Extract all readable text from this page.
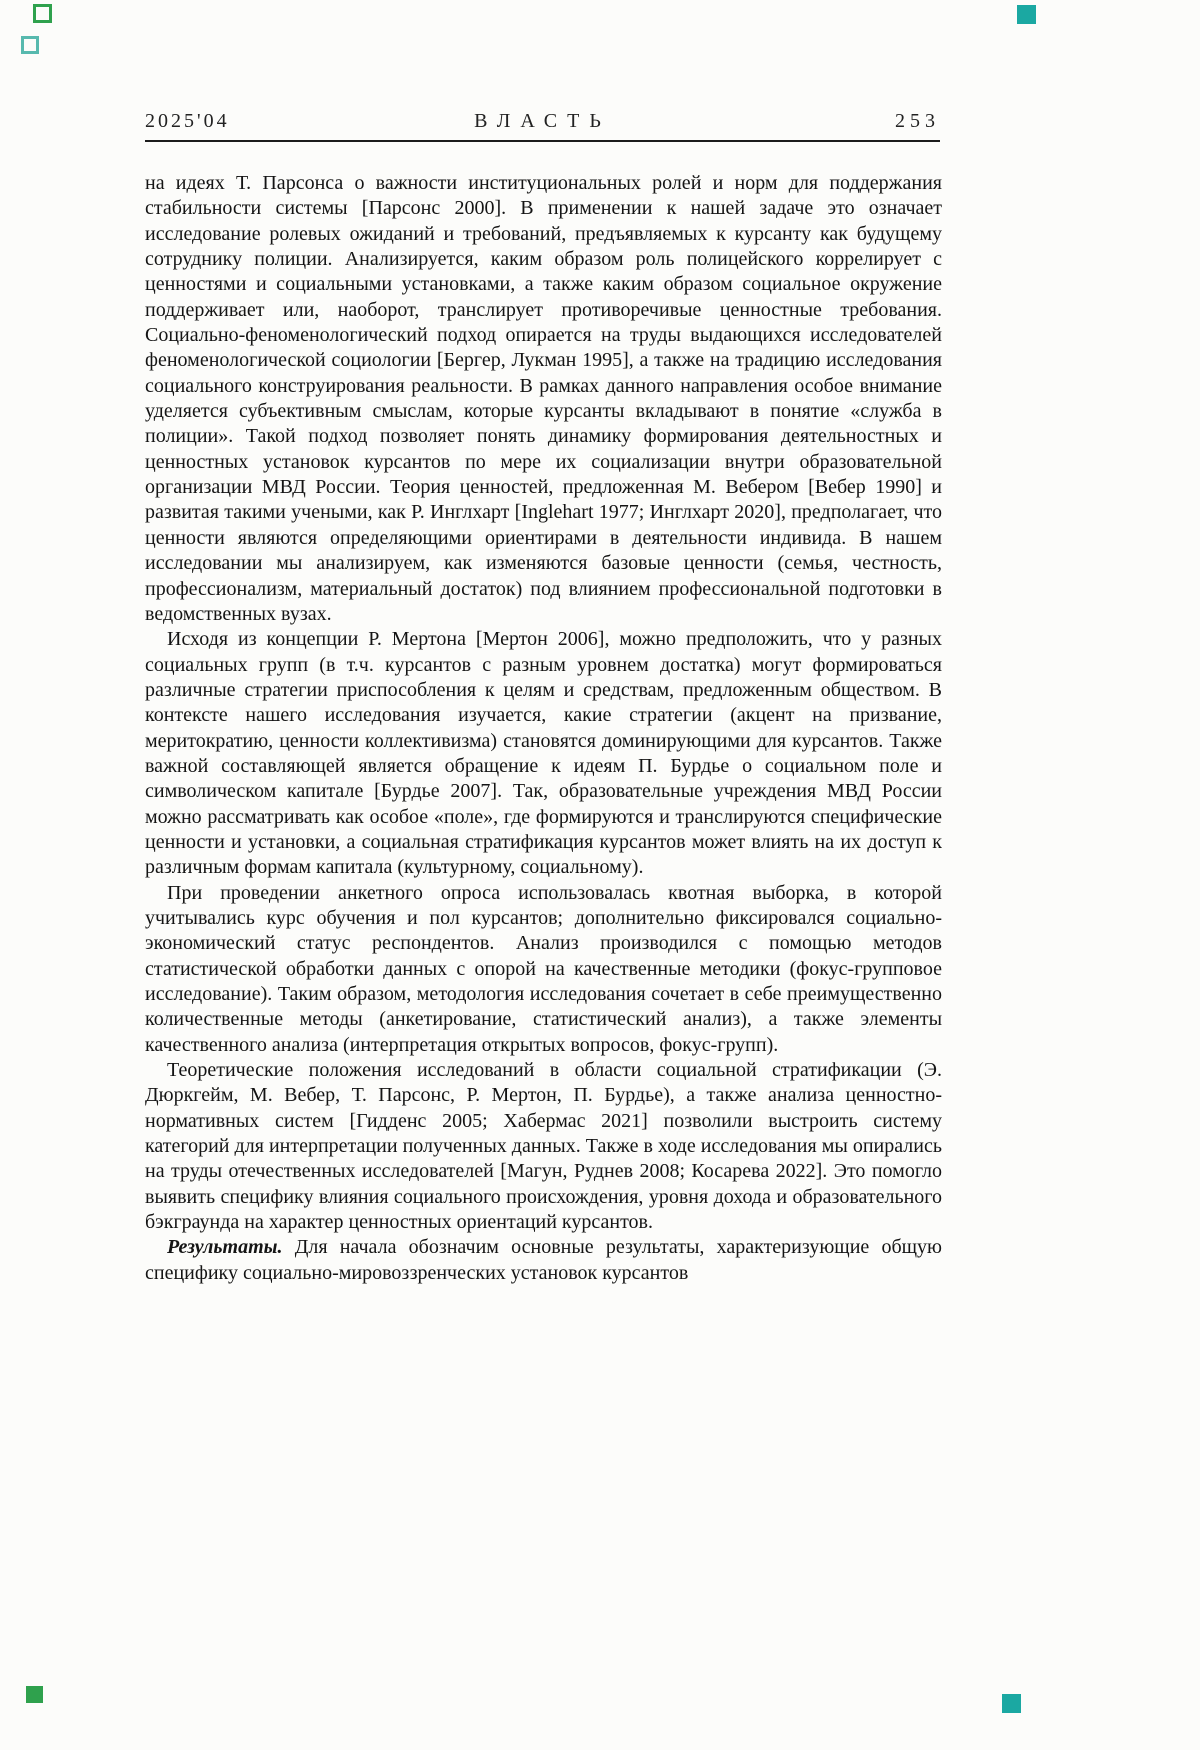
2025'04	ВЛАСТЬ	253

на идеях Т. Парсонса о важности институциональных ролей и норм для поддержания стабильности системы [Парсонс 2000]. В применении к нашей задаче это означает исследование ролевых ожиданий и требований, предъявляемых к курсанту как будущему сотруднику полиции. Анализируется, каким образом роль полицейского коррелирует с ценностями и социальными установками, а также каким образом социальное окружение поддерживает или, наоборот, транслирует противоречивые ценностные требования. Социально-феноменологический подход опирается на труды выдающихся исследователей феноменологической социологии [Бергер, Лукман 1995], а также на традицию исследования социального конструирования реальности. В рамках данного направления особое внимание уделяется субъективным смыслам, которые курсанты вкладывают в понятие «служба в полиции». Такой подход позволяет понять динамику формирования деятельностных и ценностных установок курсантов по мере их социализации внутри образовательной организации МВД России. Теория ценностей, предложенная М. Вебером [Вебер 1990] и развитая такими учеными, как Р. Инглхарт [Inglehart 1977; Инглхарт 2020], предполагает, что ценности являются определяющими ориентирами в деятельности индивида. В нашем исследовании мы анализируем, как изменяются базовые ценности (семья, честность, профессионализм, материальный достаток) под влиянием профессиональной подготовки в ведомственных вузах.

Исходя из концепции Р. Мертона [Мертон 2006], можно предположить, что у разных социальных групп (в т.ч. курсантов с разным уровнем достатка) могут формироваться различные стратегии приспособления к целям и средствам, предложенным обществом. В контексте нашего исследования изучается, какие стратегии (акцент на призвание, меритократию, ценности коллективизма) становятся доминирующими для курсантов. Также важной составляющей является обращение к идеям П. Бурдье о социальном поле и символическом капитале [Бурдье 2007]. Так, образовательные учреждения МВД России можно рассматривать как особое «поле», где формируются и транслируются специфические ценности и установки, а социальная стратификация курсантов может влиять на их доступ к различным формам капитала (культурному, социальному).

При проведении анкетного опроса использовалась квотная выборка, в которой учитывались курс обучения и пол курсантов; дополнительно фиксировался социально-экономический статус респондентов. Анализ производился с помощью методов статистической обработки данных с опорой на качественные методики (фокус-групповое исследование). Таким образом, методология исследования сочетает в себе преимущественно количественные методы (анкетирование, статистический анализ), а также элементы качественного анализа (интерпретация открытых вопросов, фокус-групп).

Теоретические положения исследований в области социальной стратификации (Э. Дюркгейм, М. Вебер, Т. Парсонс, Р. Мертон, П. Бурдье), а также анализа ценностно-нормативных систем [Гидденс 2005; Хабермас 2021] позволили выстроить систему категорий для интерпретации полученных данных. Также в ходе исследования мы опирались на труды отечественных исследователей [Магун, Руднев 2008; Косарева 2022]. Это помогло выявить специфику влияния социального происхождения, уровня дохода и образовательного бэкграунда на характер ценностных ориентаций курсантов.

Результаты. Для начала обозначим основные результаты, характеризующие общую специфику социально-мировоззренческих установок курсантов
